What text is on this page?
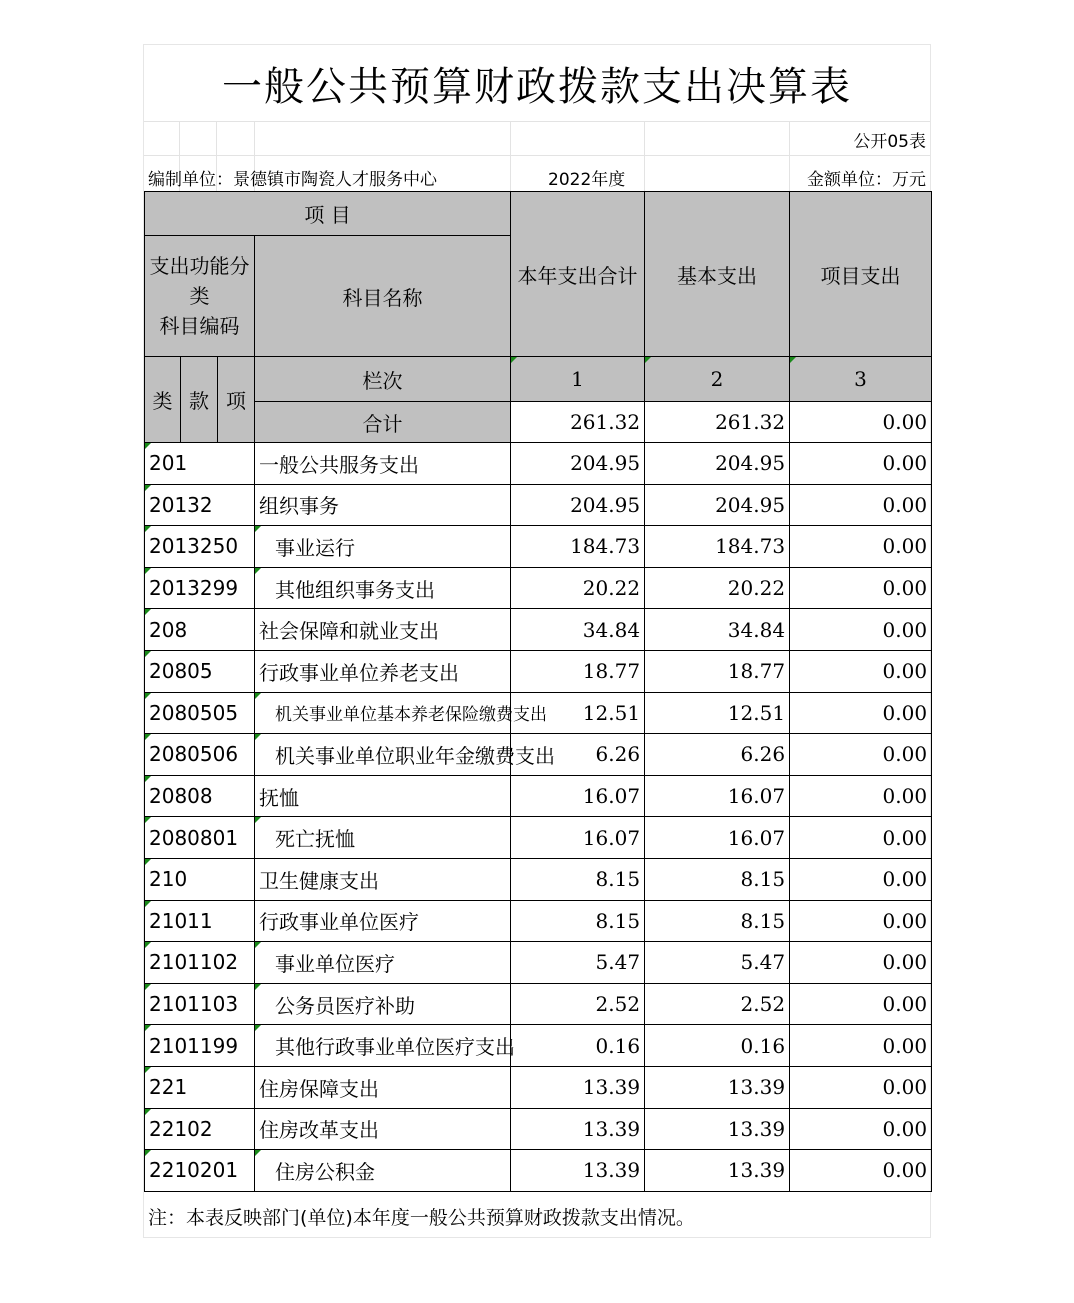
一般公共预算财政拨款支出决算表
公开05表
编制单位：景德镇市陶瓷人才服务中心	2022年度	金额单位：万元
项 目				本年支出合计	基本支出	项目支出
支出功能分类
科目编码			科目名称			

类	款	项	栏次	1	2	3
			合计	261.32	261.32	0.00
201			一般公共服务支出	204.95	204.95	0.00
20132			组织事务	204.95	204.95	0.00
2013250			事业运行	184.73	184.73	0.00
2013299			其他组织事务支出	20.22	20.22	0.00
208			社会保障和就业支出	34.84	34.84	0.00
20805			行政事业单位养老支出	18.77	18.77	0.00
2080505			机关事业单位基本养老保险缴费支出	12.51	12.51	0.00
2080506			机关事业单位职业年金缴费支出	6.26	6.26	0.00
20808			抚恤	16.07	16.07	0.00
2080801			死亡抚恤	16.07	16.07	0.00
210			卫生健康支出	8.15	8.15	0.00
21011			行政事业单位医疗	8.15	8.15	0.00
2101102			事业单位医疗	5.47	5.47	0.00
2101103			公务员医疗补助	2.52	2.52	0.00
2101199			其他行政事业单位医疗支出	0.16	0.16	0.00
221			住房保障支出	13.39	13.39	0.00
22102			住房改革支出	13.39	13.39	0.00
2210201			住房公积金	13.39	13.39	0.00
注：本表反映部门(单位)本年度一般公共预算财政拨款支出情况。
